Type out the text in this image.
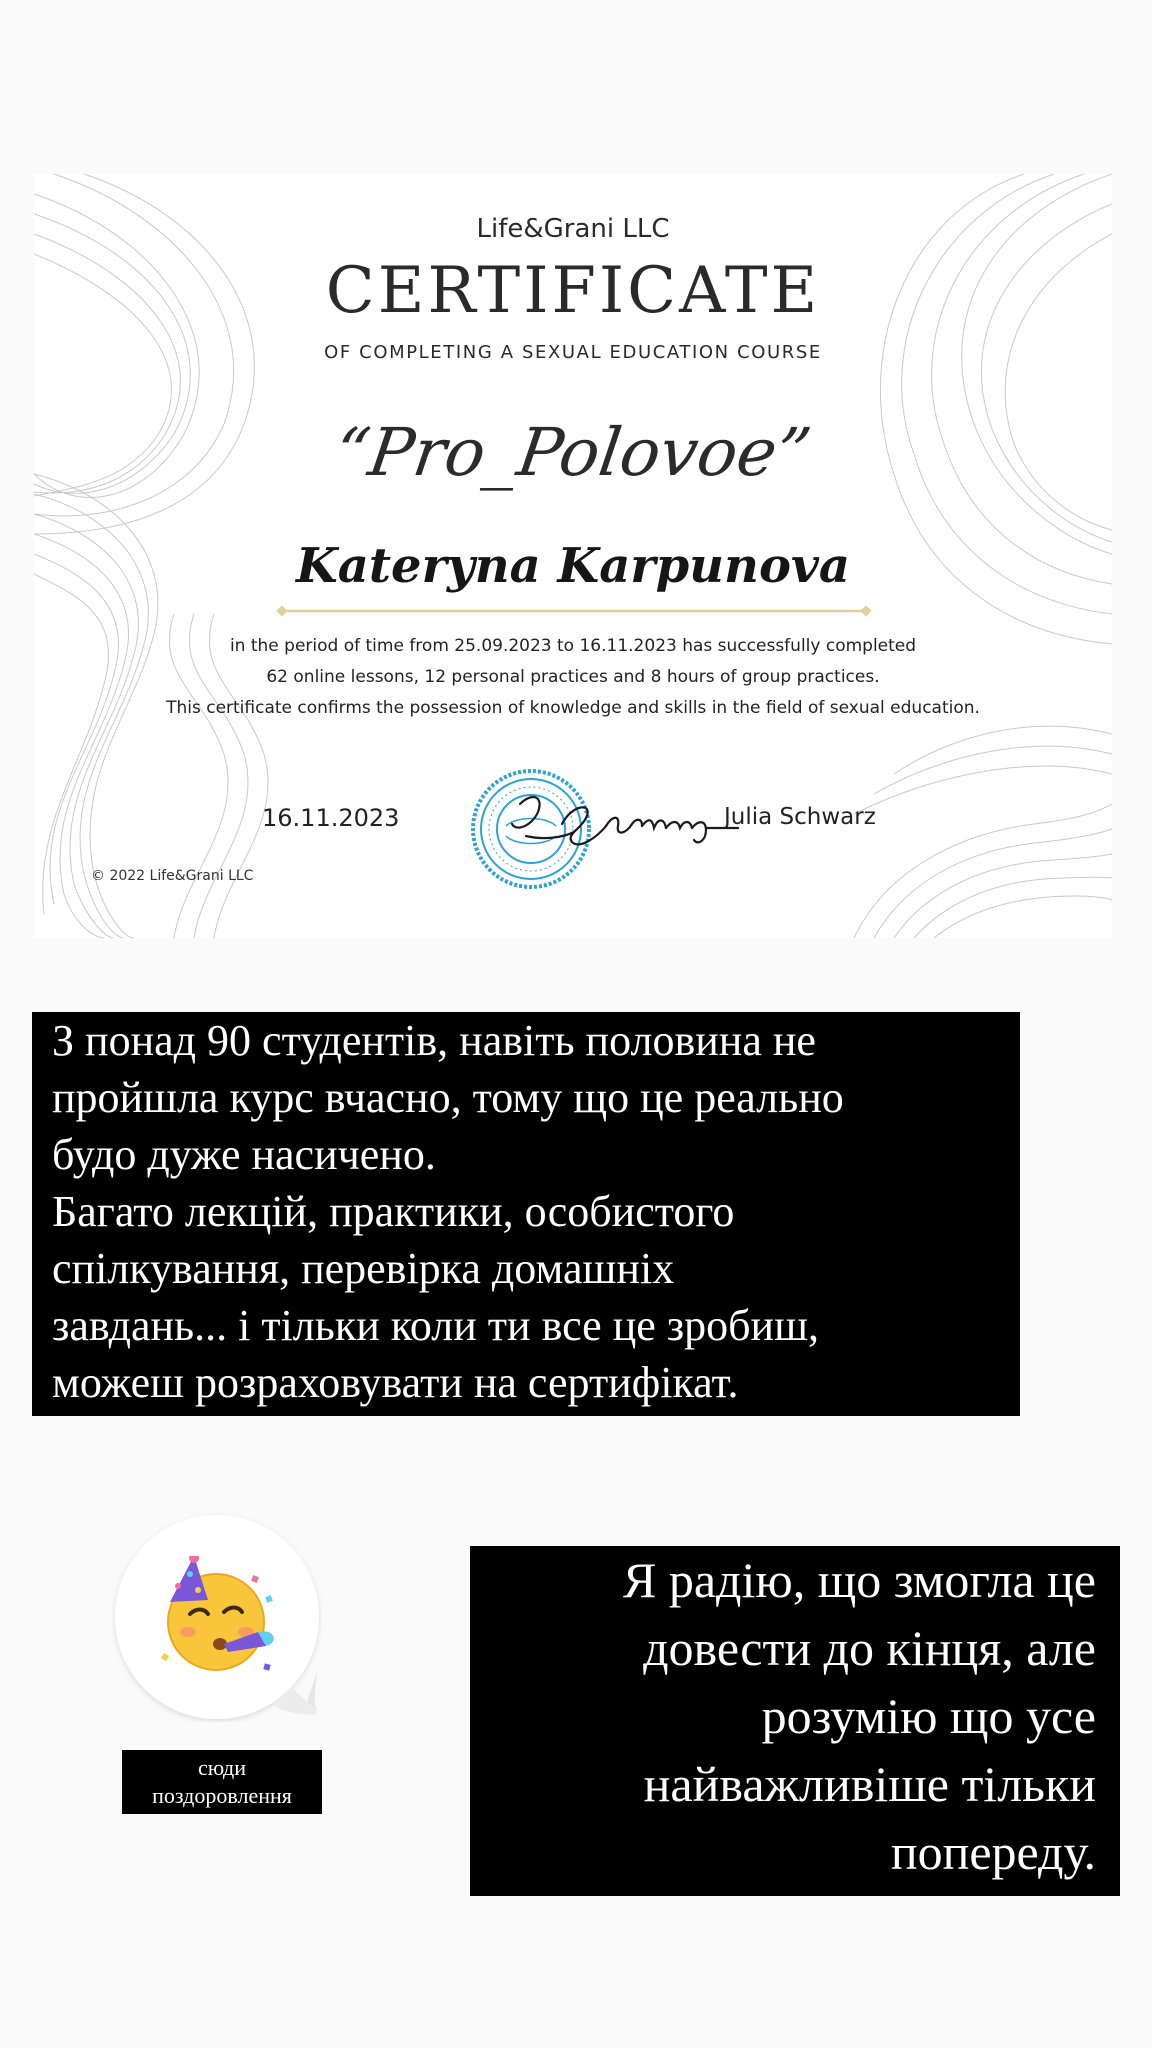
Life&Grani LLC
CERTIFICATE
OF COMPLETING A SEXUAL EDUCATION COURSE
“Pro_Polovoe”
Kateryna Karpunova
in the period of time from 25.09.2023 to 16.11.2023 has successfully completed
62 online lessons, 12 personal practices and 8 hours of group practices.
This certificate confirms the possession of knowledge and skills in the field of sexual education.
16.11.2023	Julia Schwarz
© 2022 Life&Grani LLC
З понад 90 студентів, навіть половина не
пройшла курс вчасно, тому що це реально
будо дуже насичено.
Багато лекцій, практики, особистого
спілкування, перевірка домашніх
завдань... і тільки коли ти все це зробиш,
можеш розраховувати на сертифікат.
сюди
поздоровлення
Я радію, що змогла це
довести до кінця, але
розумію що усе
найважливіше тільки
попереду.
